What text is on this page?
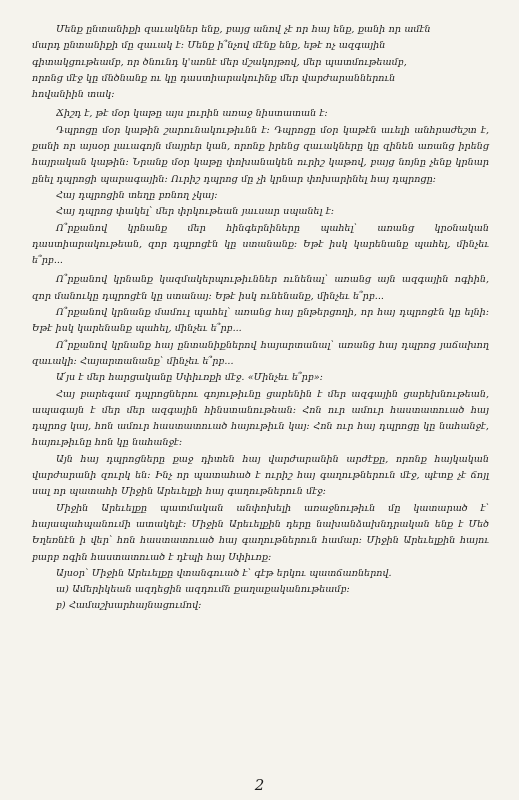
Մենք ընտանիքի զաւակներ ենք, բայց անով չէ որ հայ ենք, քանի որ ամէն
մարդ ընտանիքի մը զաւակ է: Մենք ի՞նչով մէնք ենք, եթէ ոչ ազգային
գիտակցութեամբ, որ ծնունդ կ'առնէ մեր մշակոյթով, մեր պատմութեամբ,
որոնց մէջ կը մնծնանք ու կը դաստիարակուինք մեր վարժարաններուն
հովանիին տակ:

Ճիշդ է, թէ մօր կաթը այս լուրին առաջ նիստատան է:

Դպրոցը մօր կաթին շարունակութիւնն է: Դպրոցը մօր կաթէն աւելի անհրաժեշտ է, քանի որ այսօր լաւագոյն մայրեր կան, որոնք իրենց զաւակները կը զինեն առանց իրենց հայրական կաթին: Նրանք մօր կաթը փոխանակեն ուրիշ կաթով, բայց նոյնը չենք կրնար ընել դպրոցի պարագային: Ուրիշ դպրոց մը չի կրնար փոխարինել հայ դպրոցը:

Հայ դպրոցին տեղը բռնող չկայ:

Հայ դպրոց փակել՝ մեր փրկութեան յաւսար սպանել է:

Ո՞րքանով կրնանք մեր հինգերնիները պահել՝ առանց կրօնական դաստիարակութեան, զոր դպրոցէն կը ստանանք: Եթէ իսկ կարենանք պահել, մինչեւ ե՞րբ...

Ո՞րքանով կրնանք կազմակերպութիւններ ունենալ՝ առանց այն ազգային ոգիին, զոր մանուկը դպրոցէն կը ստանայ: Եթէ իսկ ունենանք, մինչեւ ե՞րբ...

Ո՞րքանով կրնանք մամուլ պահել՝ առանց հայ ընթերցողի, որ հայ դպրոցէն կը ելնի: Եթէ իսկ կարենանք պահել, մինչեւ ե՞րբ...

Ո՞րքանով կրնանք հայ ընտանիքներով հայարտանալ՝ առանց հայ դպրոց յաճախող զաւակի: Հայարտանանք՝ մինչեւ ե՞րբ...

Ա՛յս է մեր հարցականը Սփիւռքի մէջ. «Մինչեւ ե՞րբ»:

Հայ բարեգամ դպրոցներու գոյութիւնը ցարենին է մեր ազգային ցարեխնութեան, ապագայն է մեր մեր ազգային հինստանութեան: Հոն ուր ամուր հաստատուած հայ դպրոց կայ, հոն ամուր հաստատուած հայութիւն կայ: Հոն ուր հայ դպրոցը կը նահանջէ, հայութիւնը հոն կը նահանջէ:

Այն հայ դպրոցները քաջ դիտեն հայ վարժարանին արժէքը, որոնք հայկական վարժարանի զուրկ են: Ինչ որ պատահած է ուրիշ հայ գաղութներուն մէջ, պէտք չէ ճոյլ սալ որ պատահի Միջին Արեւելքի հայ գաղութներուն մէջ:

Միջին Արեւելքը պատմական անփոխելի առաջնութիւն մը կատարած է՝ հայապահպանումի ատակելէ: Միջին Արեւելքին դերը նախանձախնդրական ենք է Մեծ Եղեռնէն ի վեր՝ հոն հաստատուած հայ գաղութներուն համար: Միջին Արեւելքին հայու բարբ ոգին հաստատուած է դէպի հայ Սփիւռք:

Այսօր՝ Միջին Արեւելքը վտանգուած է՝ գէթ երկու պատճառներով.

ա) Ամերիկեան ազդեցին ազդումն քաղաքականութեամբ:

բ) Համաշխարհայնացումով:

2
